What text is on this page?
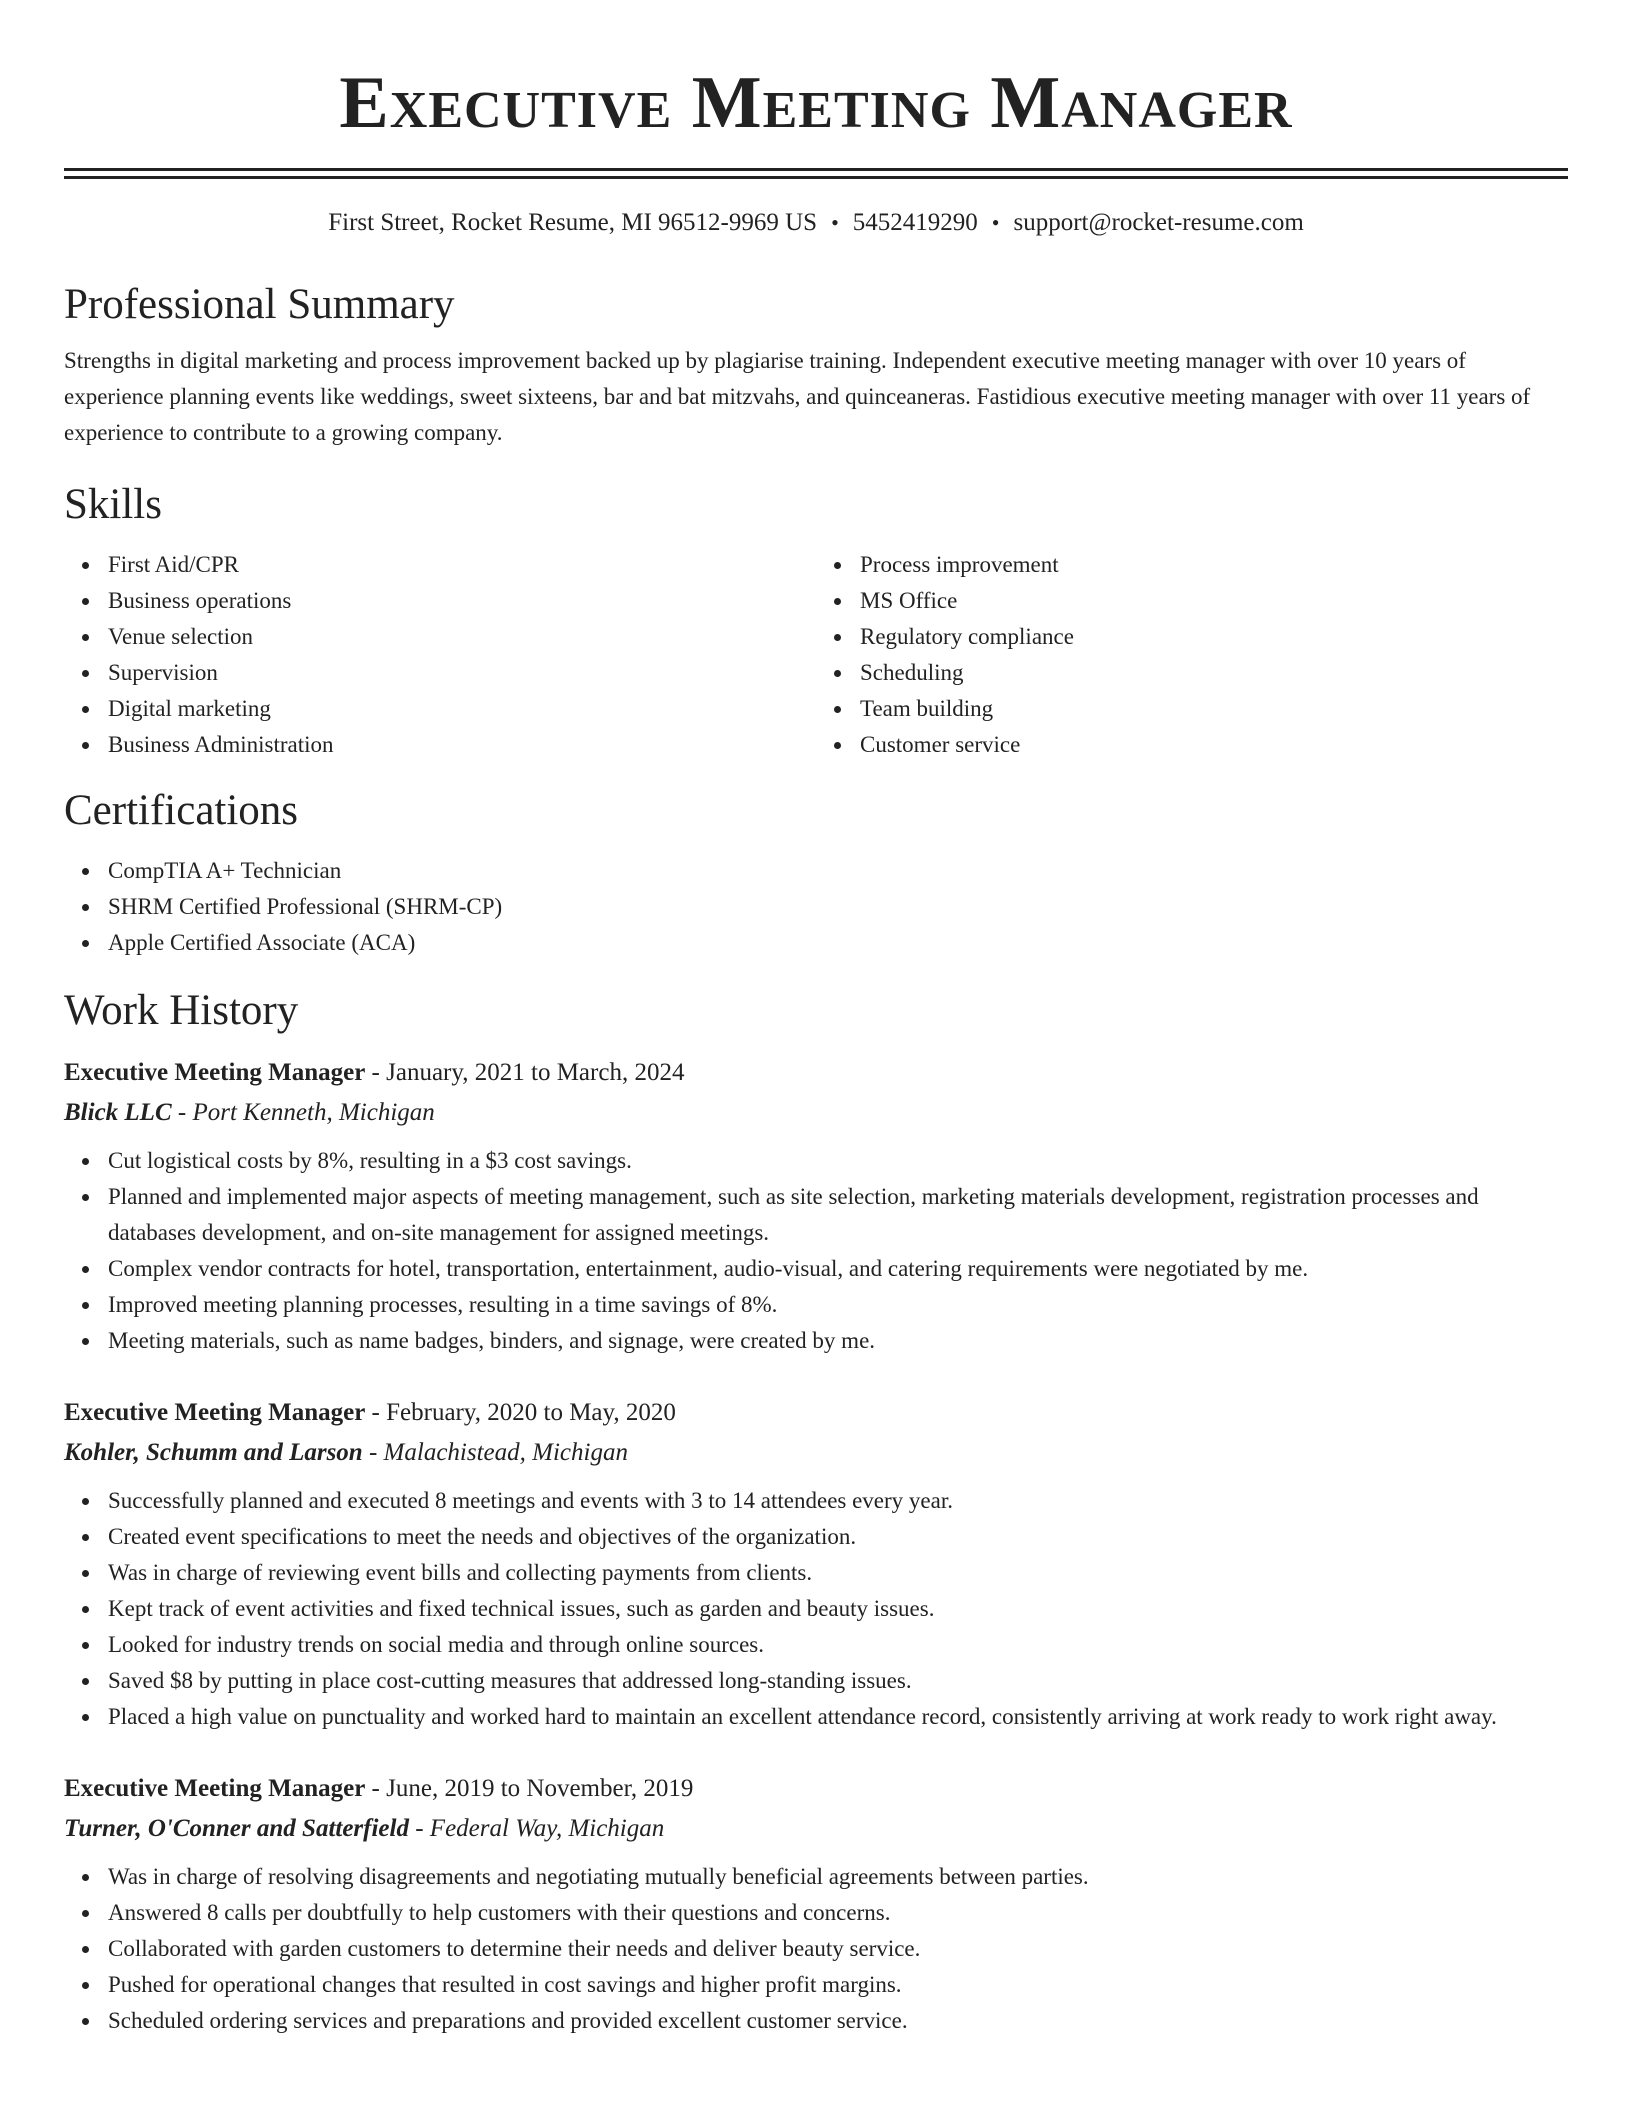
Executive Meeting Manager
First Street, Rocket Resume, MI 96512-9969 US • 5452419290 • support@rocket-resume.com
Professional Summary

Strengths in digital marketing and process improvement backed up by plagiarise training. Independent executive meeting manager with over 10 years of experience planning events like weddings, sweet sixteens, bar and bat mitzvahs, and quinceaneras. Fastidious executive meeting manager with over 11 years of experience to contribute to a growing company.

Skills
First Aid/CPR
Business operations
Venue selection
Supervision
Digital marketing
Business Administration
Process improvement
MS Office
Regulatory compliance
Scheduling
Team building
Customer service
Certifications
CompTIA A+ Technician
SHRM Certified Professional (SHRM-CP)
Apple Certified Associate (ACA)
Work History
Executive Meeting Manager - January, 2021 to March, 2024
Blick LLC - Port Kenneth, Michigan
Cut logistical costs by 8%, resulting in a $3 cost savings.
Planned and implemented major aspects of meeting management, such as site selection, marketing materials development, registration processes and databases development, and on-site management for assigned meetings.
Complex vendor contracts for hotel, transportation, entertainment, audio-visual, and catering requirements were negotiated by me.
Improved meeting planning processes, resulting in a time savings of 8%.
Meeting materials, such as name badges, binders, and signage, were created by me.
Executive Meeting Manager - February, 2020 to May, 2020
Kohler, Schumm and Larson - Malachistead, Michigan
Successfully planned and executed 8 meetings and events with 3 to 14 attendees every year.
Created event specifications to meet the needs and objectives of the organization.
Was in charge of reviewing event bills and collecting payments from clients.
Kept track of event activities and fixed technical issues, such as garden and beauty issues.
Looked for industry trends on social media and through online sources.
Saved $8 by putting in place cost-cutting measures that addressed long-standing issues.
Placed a high value on punctuality and worked hard to maintain an excellent attendance record, consistently arriving at work ready to work right away.
Executive Meeting Manager - June, 2019 to November, 2019
Turner, O'Conner and Satterfield - Federal Way, Michigan
Was in charge of resolving disagreements and negotiating mutually beneficial agreements between parties.
Answered 8 calls per doubtfully to help customers with their questions and concerns.
Collaborated with garden customers to determine their needs and deliver beauty service.
Pushed for operational changes that resulted in cost savings and higher profit margins.
Scheduled ordering services and preparations and provided excellent customer service.
